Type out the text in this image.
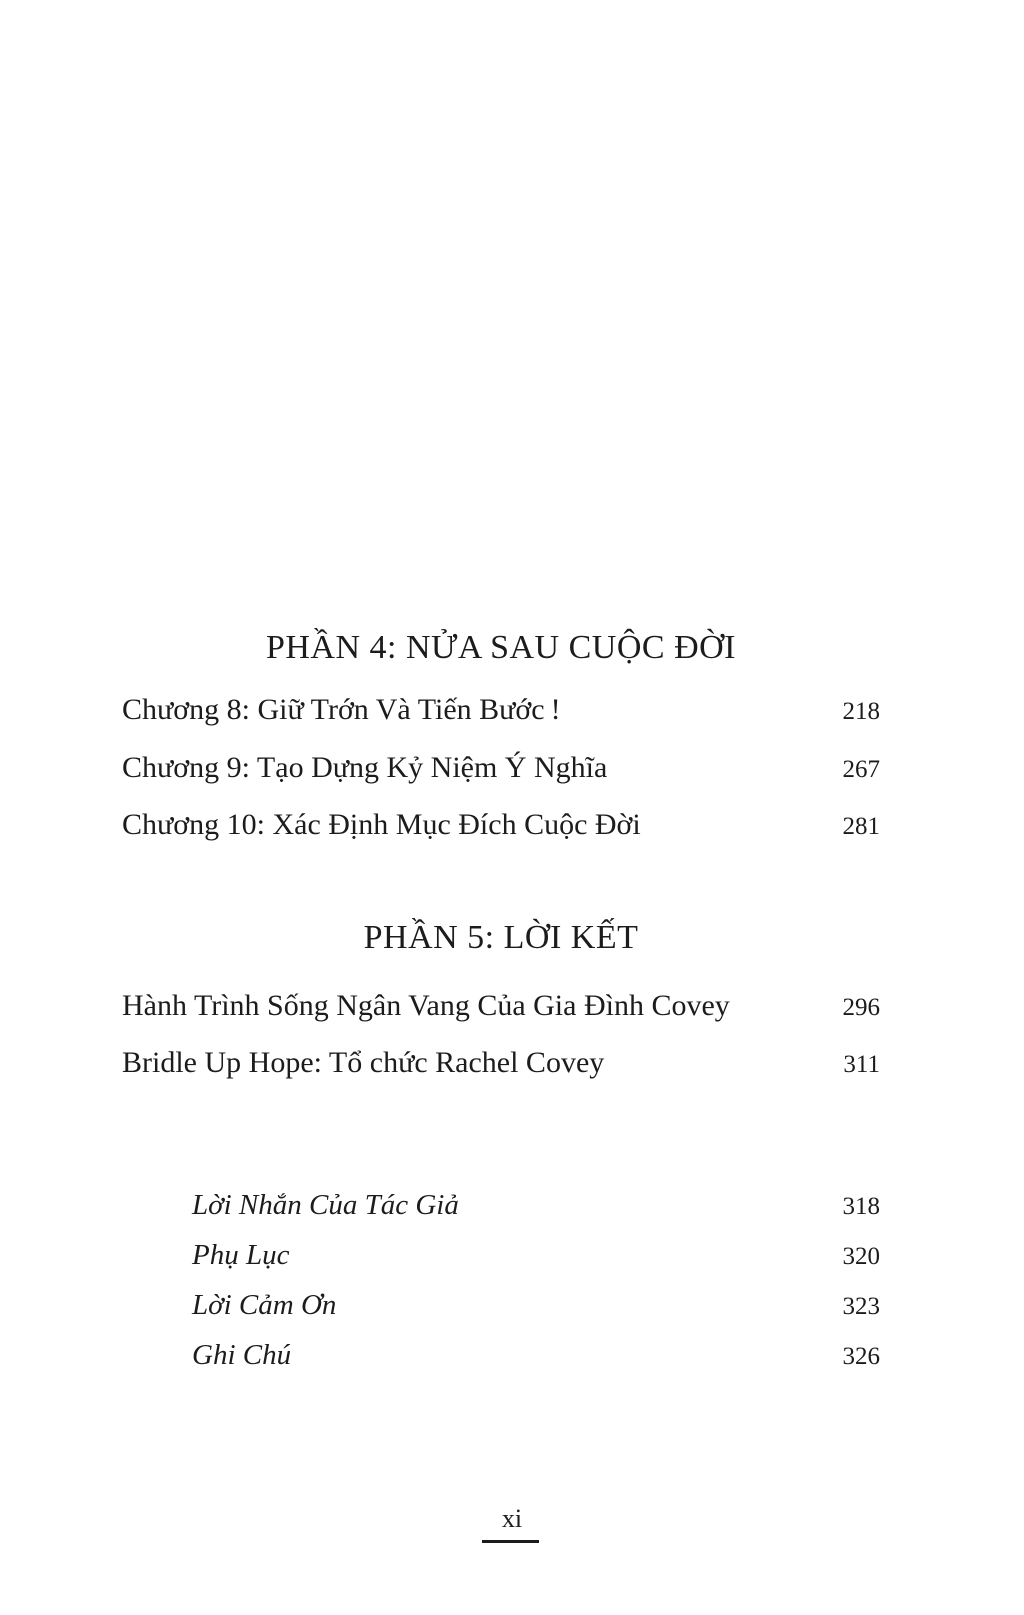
PHẦN 4: NỬA SAU CUỘC ĐỜI
Chương 8: Giữ Trớn Và Tiến Bước !	218
Chương 9: Tạo Dựng Kỷ Niệm Ý Nghĩa	267
Chương 10: Xác Định Mục Đích Cuộc Đời	281
PHẦN 5: LỜI KẾT
Hành Trình Sống Ngân Vang Của Gia Đình Covey	296
Bridle Up Hope: Tổ chức Rachel Covey	311
Lời Nhắn Của Tác Giả	318
Phụ Lục	320
Lời Cảm Ơn	323
Ghi Chú	326
xi
